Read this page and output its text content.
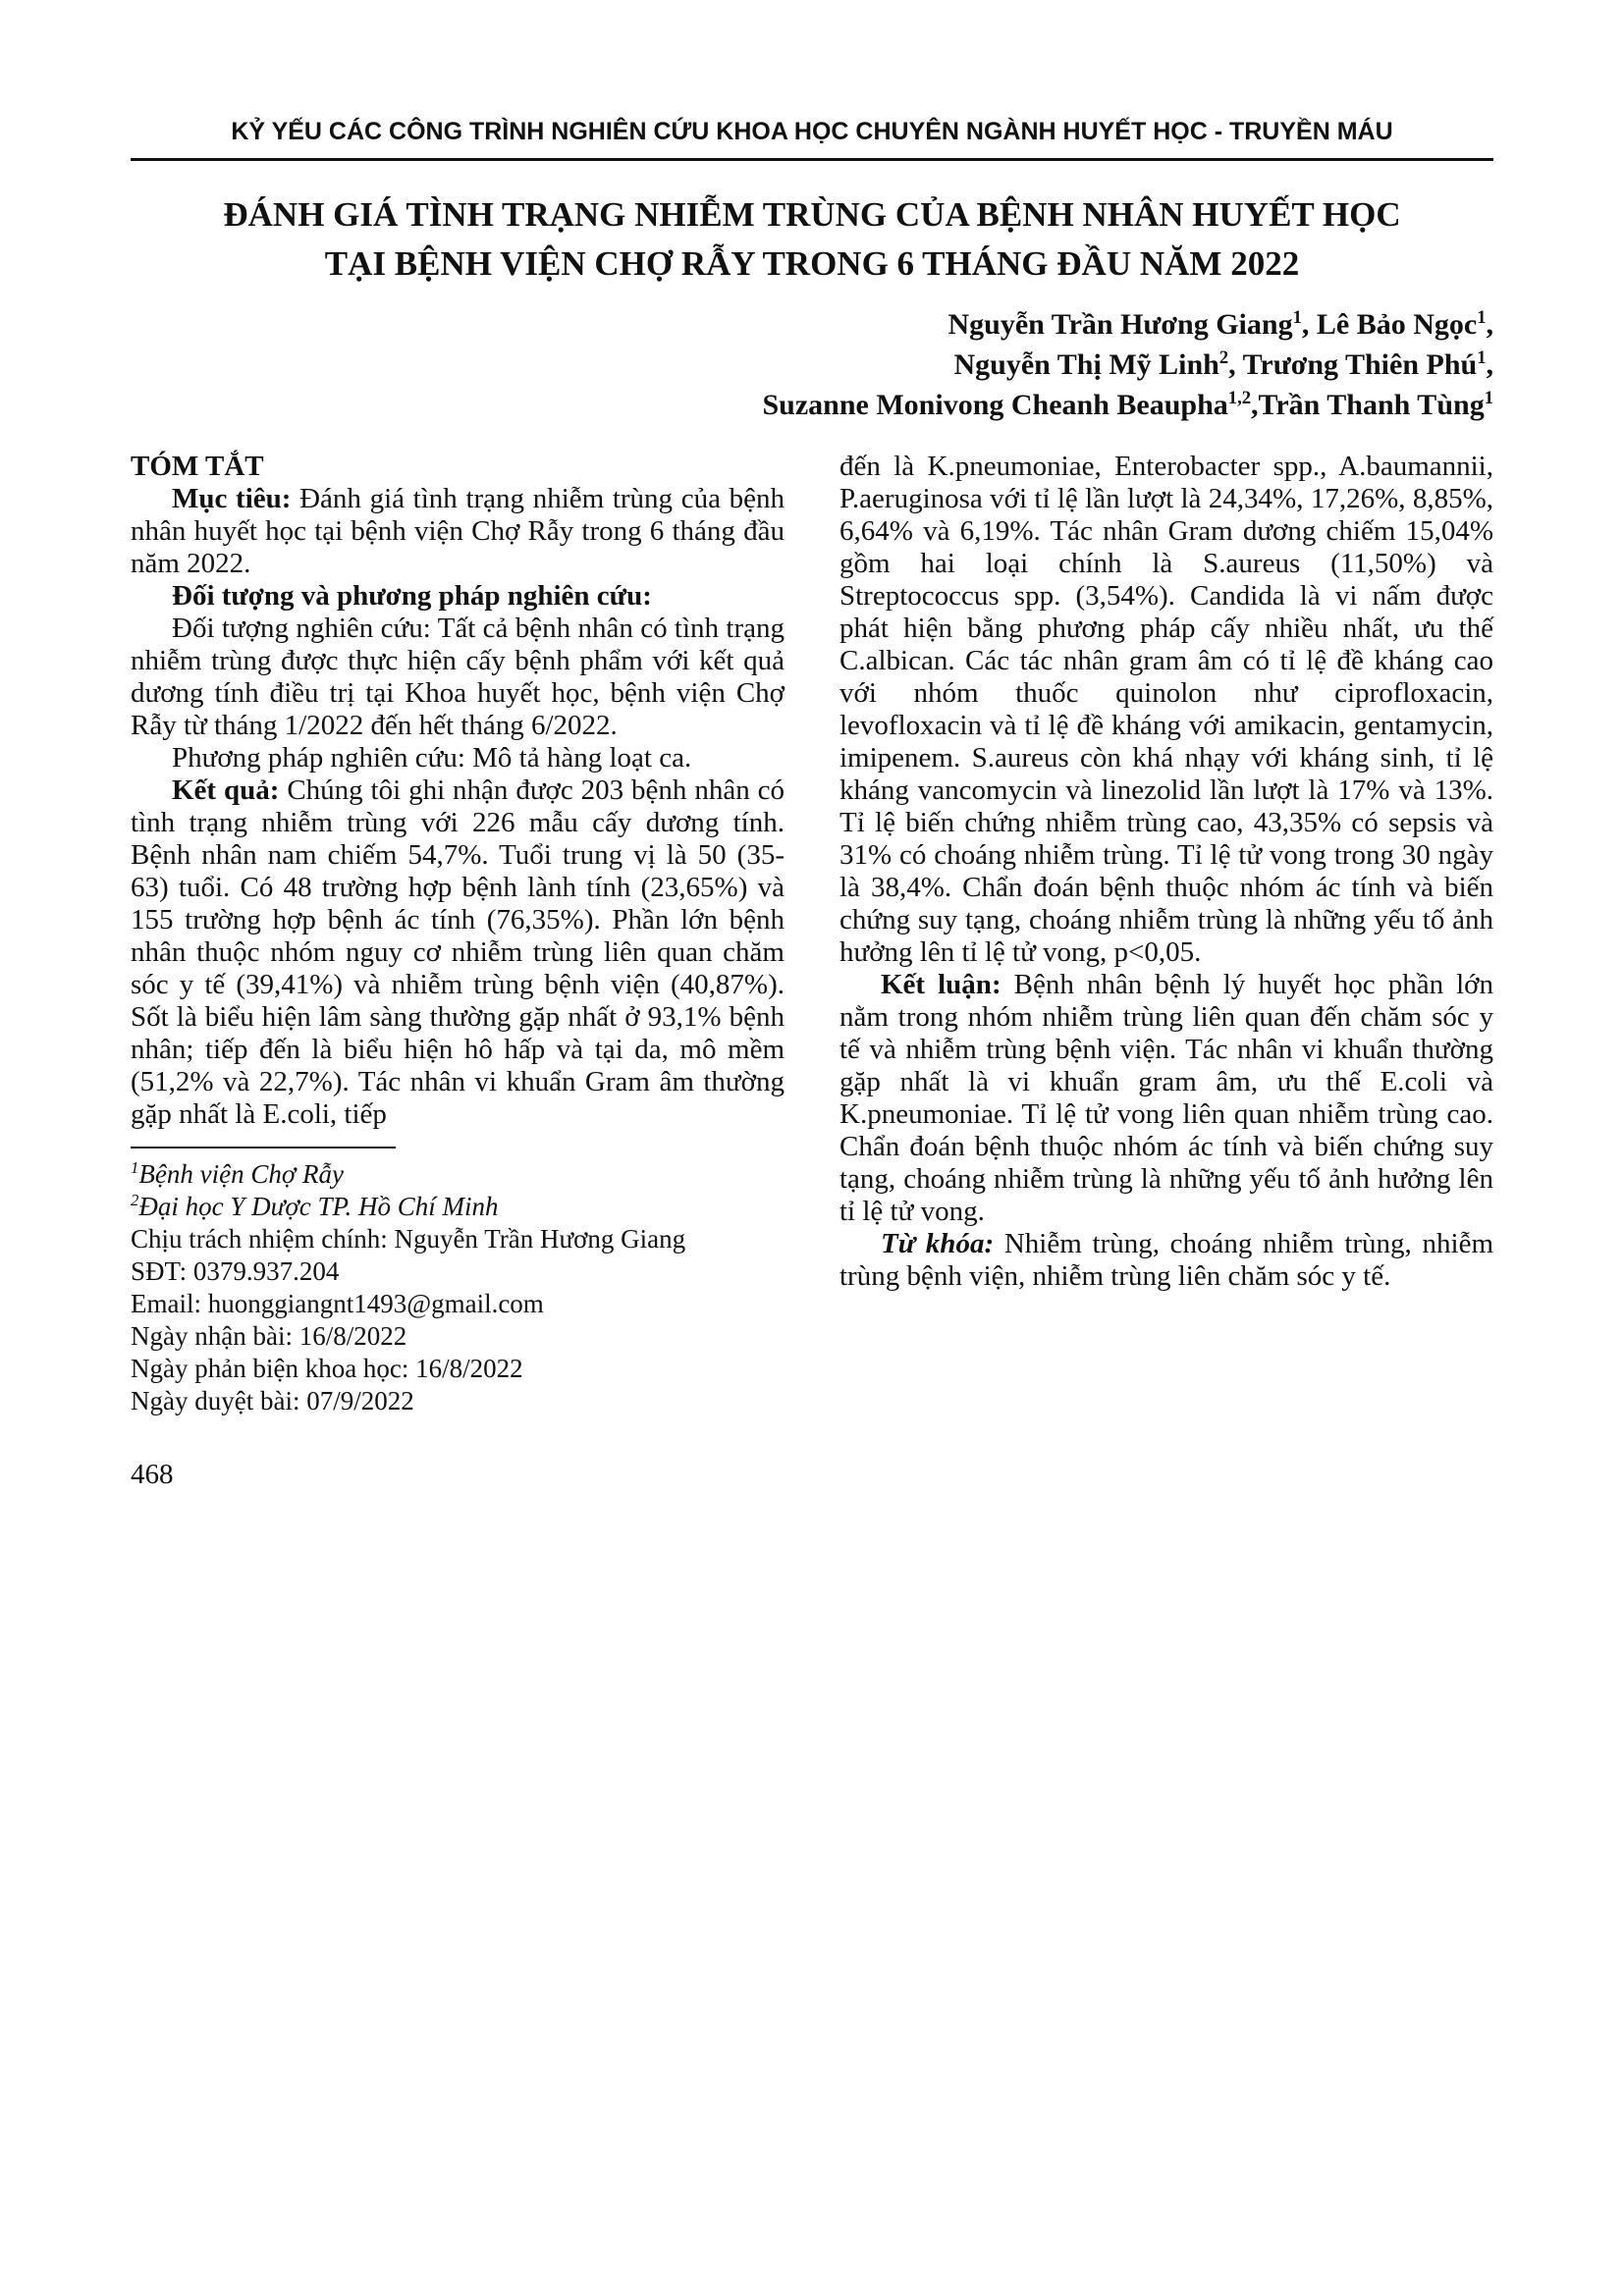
KỶ YẾU CÁC CÔNG TRÌNH NGHIÊN CỨU KHOA HỌC CHUYÊN NGÀNH HUYẾT HỌC - TRUYỀN MÁU
ĐÁNH GIÁ TÌNH TRẠNG NHIỄM TRÙNG CỦA BỆNH NHÂN HUYẾT HỌC
TẠI BỆNH VIỆN CHỢ RẪY TRONG 6 THÁNG ĐẦU NĂM 2022

Nguyễn Trần Hương Giang$^1$, Lê Bảo Ngọc$^1$,

Nguyễn Thị Mỹ Linh$^2$, Trương Thiên Phú$^1$,

Suzanne Monivong Cheanh Beaupha$^{1,2}$,Trần Thanh Tùng$^1$

TÓM TẮT

Mục tiêu: Đánh giá tình trạng nhiễm trùng của bệnh nhân huyết học tại bệnh viện Chợ Rẫy trong 6 tháng đầu năm 2022.

Đối tượng và phương pháp nghiên cứu:

Đối tượng nghiên cứu: Tất cả bệnh nhân có tình trạng nhiễm trùng được thực hiện cấy bệnh phẩm với kết quả dương tính điều trị tại Khoa huyết học, bệnh viện Chợ Rẫy từ tháng 1/2022 đến hết tháng 6/2022.

Phương pháp nghiên cứu: Mô tả hàng loạt ca.

Kết quả: Chúng tôi ghi nhận được 203 bệnh nhân có tình trạng nhiễm trùng với 226 mẫu cấy dương tính. Bệnh nhân nam chiếm 54,7%. Tuổi trung vị là 50 (35-63) tuổi. Có 48 trường hợp bệnh lành tính (23,65%) và 155 trường hợp bệnh ác tính (76,35%). Phần lớn bệnh nhân thuộc nhóm nguy cơ nhiễm trùng liên quan chăm sóc y tế (39,41%) và nhiễm trùng bệnh viện (40,87%). Sốt là biểu hiện lâm sàng thường gặp nhất ở 93,1% bệnh nhân; tiếp đến là biểu hiện hô hấp và tại da, mô mềm (51,2% và 22,7%). Tác nhân vi khuẩn Gram âm thường gặp nhất là E.coli, tiếp

$^1$Bệnh viện Chợ Rẫy

$^2$Đại học Y Dược TP. Hồ Chí Minh

Chịu trách nhiệm chính: Nguyễn Trần Hương Giang

SĐT: 0379.937.204

Email: huonggiangnt1493@gmail.com

Ngày nhận bài: 16/8/2022

Ngày phản biện khoa học: 16/8/2022

Ngày duyệt bài: 07/9/2022

đến là K.pneumoniae, Enterobacter spp., A.baumannii, P.aeruginosa với tỉ lệ lần lượt là 24,34%, 17,26%, 8,85%, 6,64% và 6,19%. Tác nhân Gram dương chiếm 15,04% gồm hai loại chính là S.aureus (11,50%) và Streptococcus spp. (3,54%). Candida là vi nấm được phát hiện bằng phương pháp cấy nhiều nhất, ưu thế C.albican. Các tác nhân gram âm có tỉ lệ đề kháng cao với nhóm thuốc quinolon như ciprofloxacin, levofloxacin và tỉ lệ đề kháng với amikacin, gentamycin, imipenem. S.aureus còn khá nhạy với kháng sinh, tỉ lệ kháng vancomycin và linezolid lần lượt là 17% và 13%. Tỉ lệ biến chứng nhiễm trùng cao, 43,35% có sepsis và 31% có choáng nhiễm trùng. Tỉ lệ tử vong trong 30 ngày là 38,4%. Chẩn đoán bệnh thuộc nhóm ác tính và biến chứng suy tạng, choáng nhiễm trùng là những yếu tố ảnh hưởng lên tỉ lệ tử vong, p<0,05.

Kết luận: Bệnh nhân bệnh lý huyết học phần lớn nằm trong nhóm nhiễm trùng liên quan đến chăm sóc y tế và nhiễm trùng bệnh viện. Tác nhân vi khuẩn thường gặp nhất là vi khuẩn gram âm, ưu thế E.coli và K.pneumoniae. Tỉ lệ tử vong liên quan nhiễm trùng cao. Chẩn đoán bệnh thuộc nhóm ác tính và biến chứng suy tạng, choáng nhiễm trùng là những yếu tố ảnh hưởng lên tỉ lệ tử vong.

Từ khóa: Nhiễm trùng, choáng nhiễm trùng, nhiễm trùng bệnh viện, nhiễm trùng liên chăm sóc y tế.

468
